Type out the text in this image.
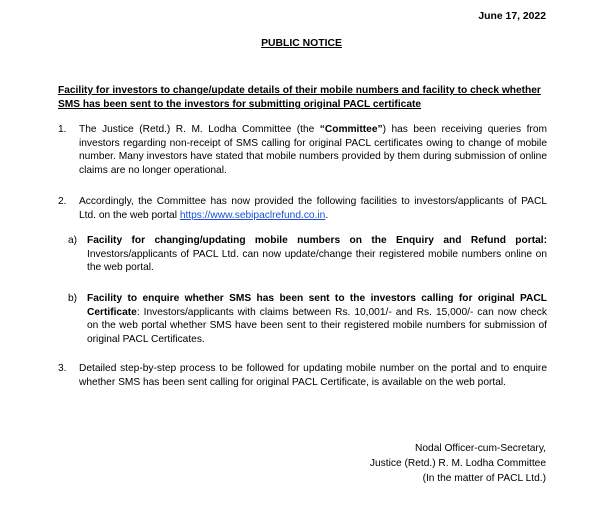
June 17, 2022
PUBLIC NOTICE
Facility for investors to change/update details of their mobile numbers and facility to check whether SMS has been sent to the investors for submitting original PACL certificate
1. The Justice (Retd.) R. M. Lodha Committee (the “Committee”) has been receiving queries from investors regarding non-receipt of SMS calling for original PACL certificates owing to change of mobile number. Many investors have stated that mobile numbers provided by them during submission of online claims are no longer operational.
2. Accordingly, the Committee has now provided the following facilities to investors/applicants of PACL Ltd. on the web portal https://www.sebipaclrefund.co.in.
a) Facility for changing/updating mobile numbers on the Enquiry and Refund portal: Investors/applicants of PACL Ltd. can now update/change their registered mobile numbers online on the web portal.
b) Facility to enquire whether SMS has been sent to the investors calling for original PACL Certificate: Investors/applicants with claims between Rs. 10,001/- and Rs. 15,000/- can now check on the web portal whether SMS have been sent to their registered mobile numbers for submission of original PACL Certificates.
3. Detailed step-by-step process to be followed for updating mobile number on the portal and to enquire whether SMS has been sent calling for original PACL Certificate, is available on the web portal.
Nodal Officer-cum-Secretary,
Justice (Retd.) R. M. Lodha Committee
(In the matter of PACL Ltd.)
